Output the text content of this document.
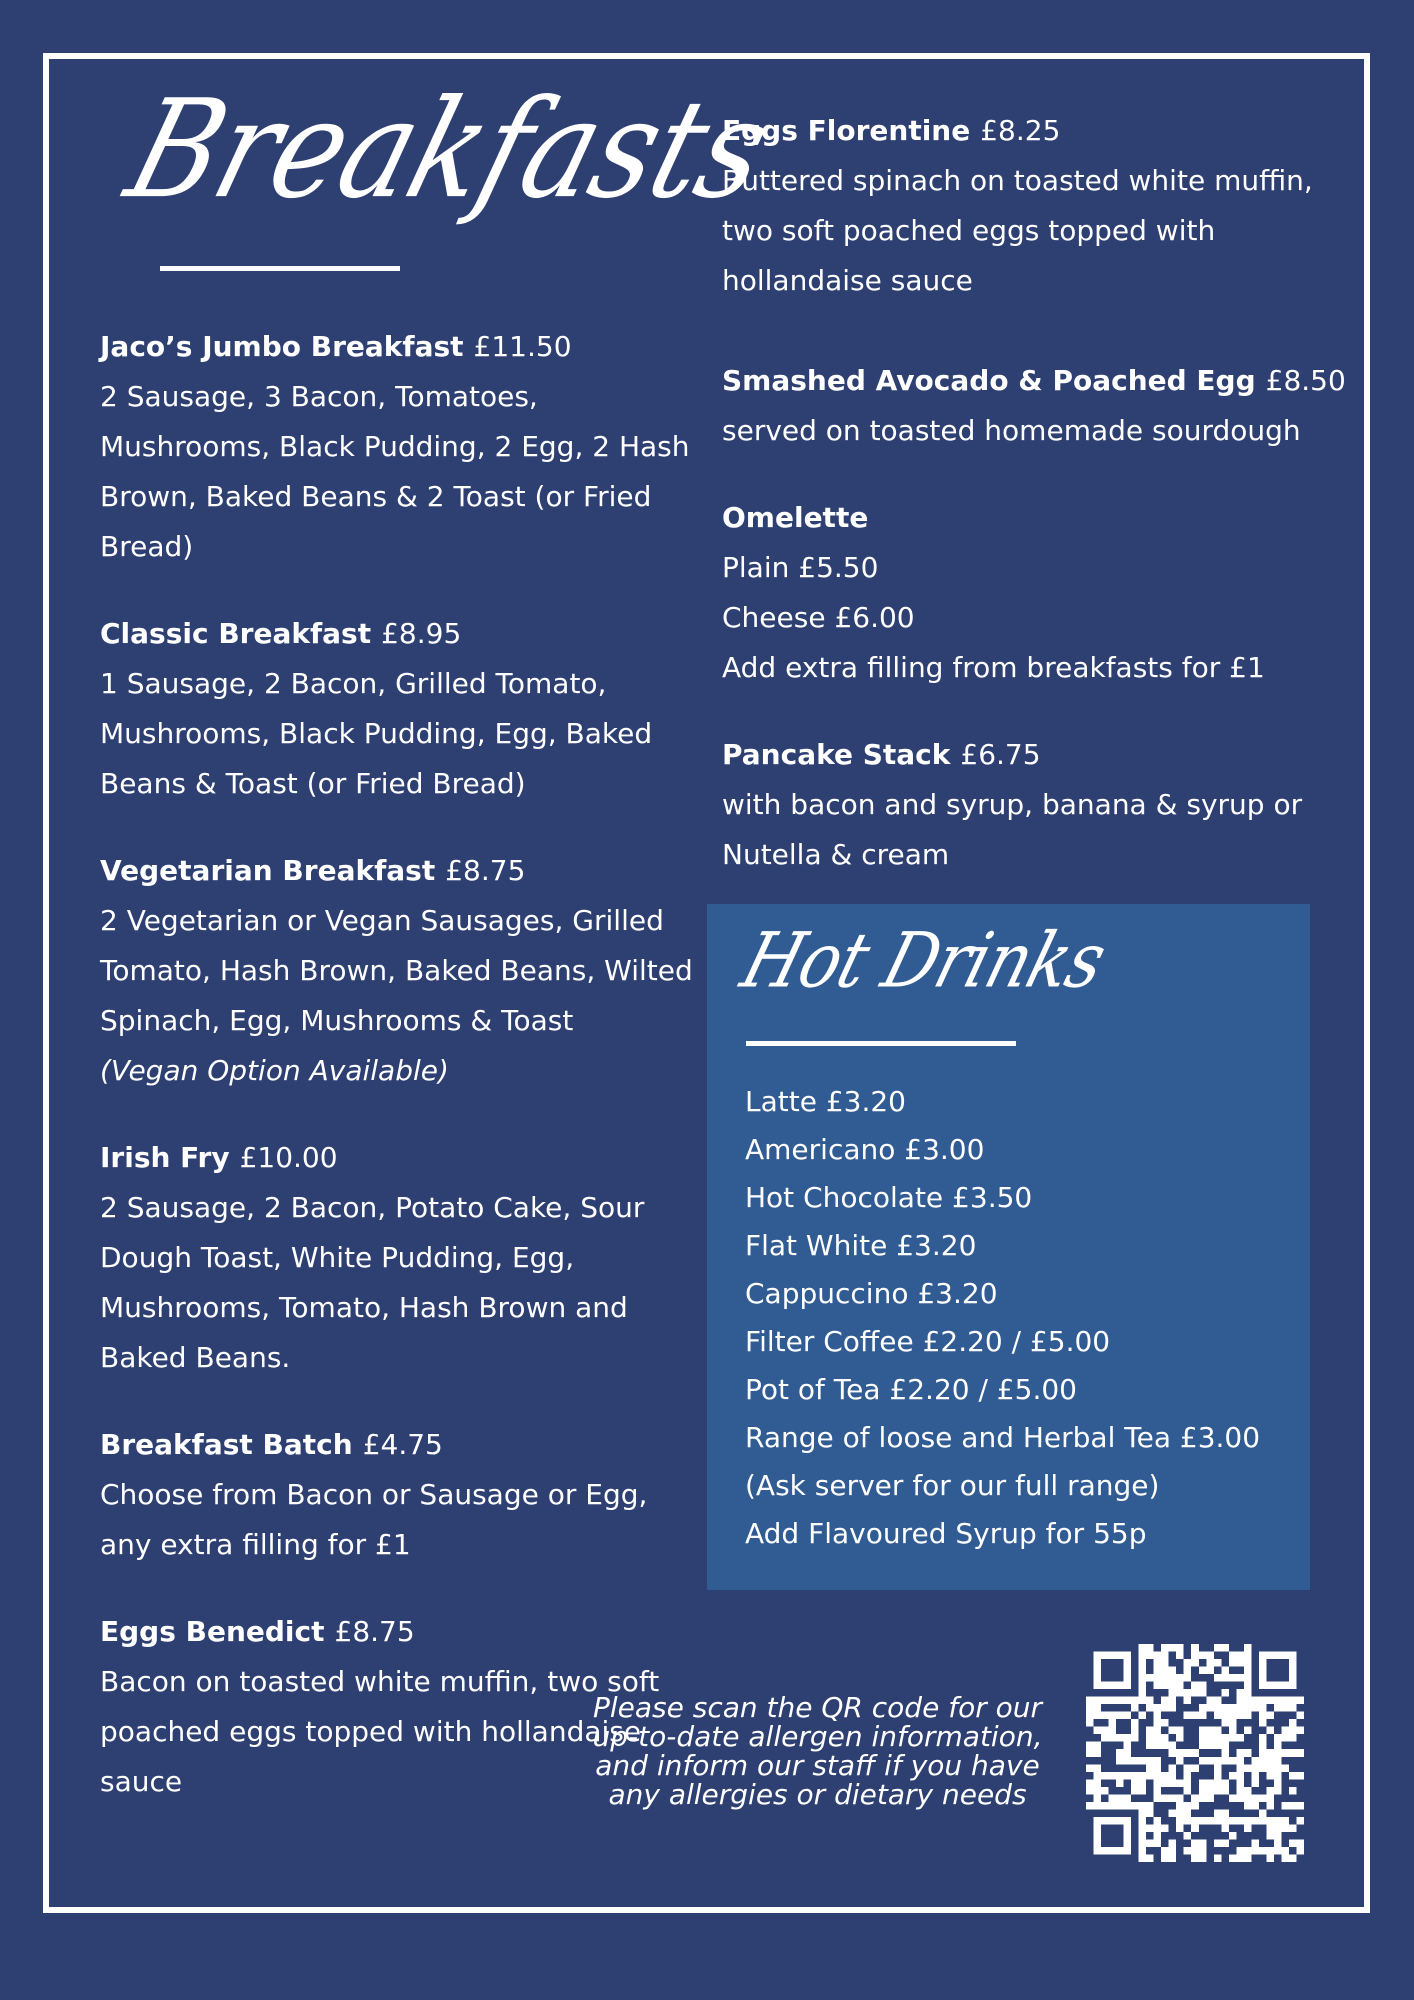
Breakfasts
Jaco’s Jumbo Breakfast £11.50
2 Sausage, 3 Bacon, Tomatoes, Mushrooms, Black Pudding, 2 Egg, 2 Hash Brown, Baked Beans & 2 Toast (or Fried Bread)
Classic Breakfast £8.95
1 Sausage, 2 Bacon, Grilled Tomato, Mushrooms, Black Pudding, Egg, Baked Beans & Toast (or Fried Bread)
Vegetarian Breakfast £8.75
2 Vegetarian or Vegan Sausages, Grilled Tomato, Hash Brown, Baked Beans, Wilted Spinach, Egg, Mushrooms & Toast
(Vegan Option Available)
Irish Fry £10.00
2 Sausage, 2 Bacon, Potato Cake, Sour Dough Toast, White Pudding, Egg, Mushrooms, Tomato, Hash Brown and Baked Beans.
Breakfast Batch £4.75
Choose from Bacon or Sausage or Egg, any extra filling for £1
Eggs Benedict £8.75
Bacon on toasted white muffin, two soft poached eggs topped with hollandaise sauce
Eggs Florentine £8.25
Buttered spinach on toasted white muffin, two soft poached eggs topped with hollandaise sauce
Smashed Avocado & Poached Egg £8.50
served on toasted homemade sourdough
Omelette
Plain £5.50
Cheese £6.00
Add extra filling from breakfasts for £1
Pancake Stack £6.75
with bacon and syrup, banana & syrup or Nutella & cream
Hot Drinks
Latte £3.20
Americano £3.00
Hot Chocolate £3.50
Flat White £3.20
Cappuccino £3.20
Filter Coffee £2.20 / £5.00
Pot of Tea £2.20 / £5.00
Range of loose and Herbal Tea £3.00
(Ask server for our full range)
Add Flavoured Syrup for 55p
Please scan the QR code for our up-to-date allergen information, and inform our staff if you have any allergies or dietary needs
